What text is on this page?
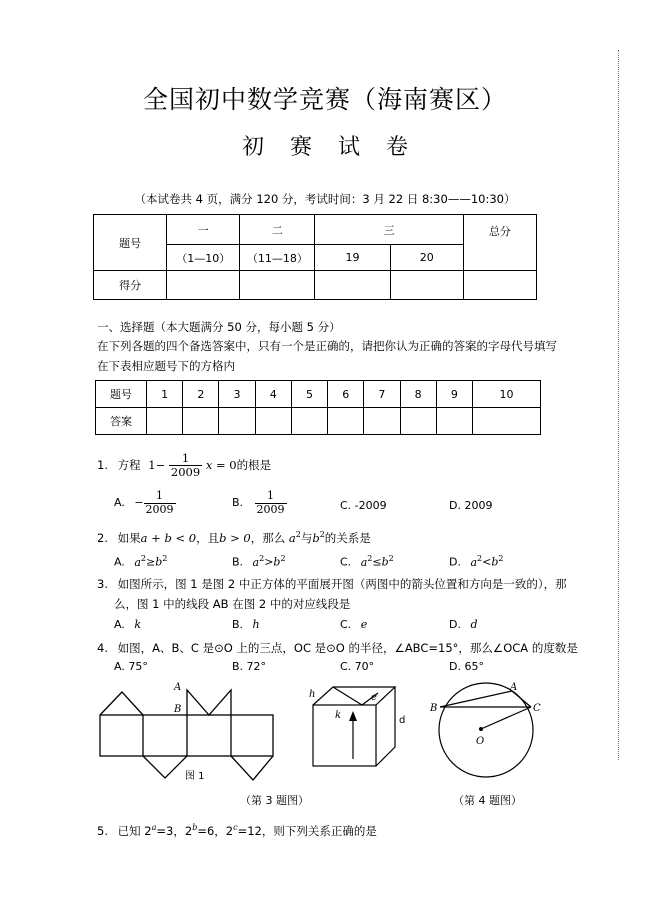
全国初中数学竞赛（海南赛区）
初 赛 试 卷
（本试卷共 4 页，满分 120 分，考试时间：3 月 22 日 8:30——10:30）
题号	一	二	三		总分
	（1—10）	（11—18）	19	20	
得分					
一、选择题（本大题满分 50 分，每小题 5 分）
在下列各题的四个备选答案中，只有一个是正确的，请把你认为正确的答案的字母代号填写
在下表相应题号下的方格内
题号	1	2	3	4	5	6	7	8	9	10
答案										
1. 方程 $1- \frac{1}{2009}$ x = 0的根是
A. − $\frac{1}{2009}$	B. $\frac{1}{2009}$	C. -2009	D. 2009
2. 如果a + b < 0，且b > 0，那么 $a^2$与$b^2$的关系是
A. $a^2\ge b^2$	B. $a^2>b^2$	C. $a^2\le b^2$	D. $a^2<b^2$
3. 如图所示，图 1 是图 2 中正方体的平面展开图（两图中的箭头位置和方向是一致的），那
么，图 1 中的线段 AB 在图 2 中的对应线段是
A. k	B. h	C. e	D. d
4. 如图，A、B、C 是⊙O 上的三点，OC 是⊙O 的半径，∠ABC=15°，那么∠OCA 的度数是
A. 75°	B. 72°	C. 70°	D. 65°
A
B
图 1
h	e
k	d
A
B	C
O
（第 3 题图）	（第 4 题图）
5. 已知 $2^a=3$，$2^b=6$，$2^c=12$，则下列关系正确的是
